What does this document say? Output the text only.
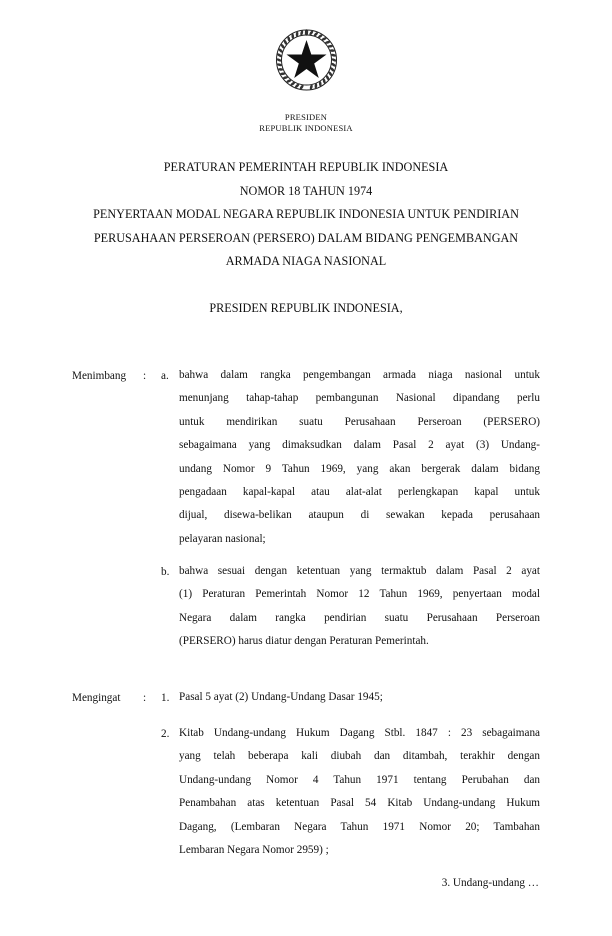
PRESIDEN
REPUBLIK INDONESIA
PERATURAN PEMERINTAH REPUBLIK INDONESIA
NOMOR 18 TAHUN 1974
PENYERTAAN MODAL NEGARA REPUBLIK INDONESIA UNTUK PENDIRIAN
PERUSAHAAN PERSEROAN (PERSERO) DALAM BIDANG PENGEMBANGAN
ARMADA NIAGA NASIONAL
PRESIDEN REPUBLIK INDONESIA,
Menimbang : a. bahwa dalam rangka pengembangan armada niaga nasional untuk
menunjang tahap-tahap pembangunan Nasional dipandang perlu
untuk mendirikan suatu Perusahaan Perseroan (PERSERO)
sebagaimana yang dimaksudkan dalam Pasal 2 ayat (3) Undang-
undang Nomor 9 Tahun 1969, yang akan bergerak dalam bidang
pengadaan kapal-kapal atau alat-alat perlengkapan kapal untuk
dijual, disewa-belikan ataupun di sewakan kepada perusahaan
pelayaran nasional;
b. bahwa sesuai dengan ketentuan yang termaktub dalam Pasal 2 ayat
(1) Peraturan Pemerintah Nomor 12 Tahun 1969, penyertaan modal
Negara dalam rangka pendirian suatu Perusahaan Perseroan
(PERSERO) harus diatur dengan Peraturan Pemerintah.
Mengingat : 1. Pasal 5 ayat (2) Undang-Undang Dasar 1945;
2. Kitab Undang-undang Hukum Dagang Stbl. 1847 : 23 sebagaimana
yang telah beberapa kali diubah dan ditambah, terakhir dengan
Undang-undang Nomor 4 Tahun 1971 tentang Perubahan dan
Penambahan atas ketentuan Pasal 54 Kitab Undang-undang Hukum
Dagang, (Lembaran Negara Tahun 1971 Nomor 20; Tambahan
Lembaran Negara Nomor 2959) ;
3. Undang-undang …
